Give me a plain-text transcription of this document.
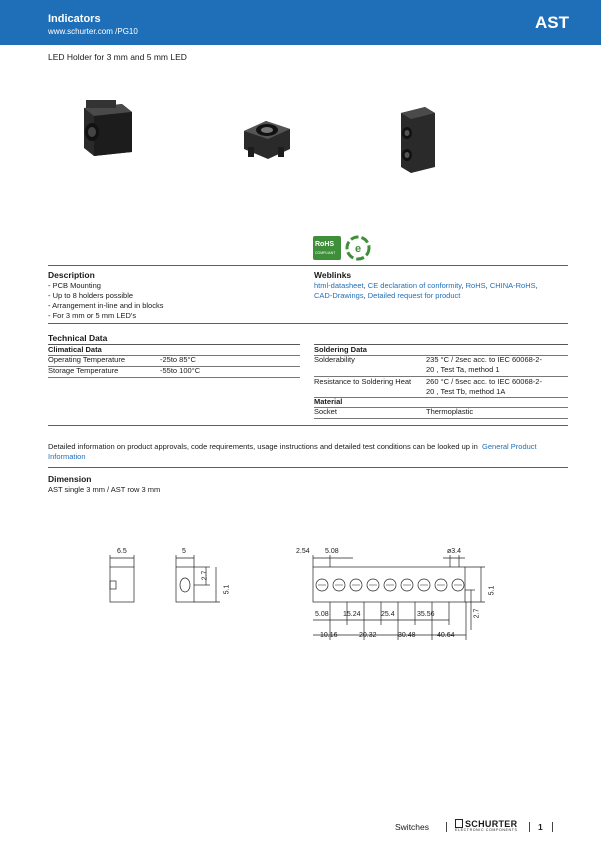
Indicators
www.schurter.com /PG10	AST
LED Holder for 3 mm and 5 mm LED
RoHS
COMPLIANT e
Description
- PCB Mounting
- Up to 8 holders possible
- Arrangement in-line and in blocks
- For 3 mm or 5 mm LED's
Weblinks
html-datasheet, CE declaration of conformity, RoHS, CHINA-RoHS,
CAD-Drawings, Detailed request for product
Technical Data
Climatical Data
Operating Temperature	-25to 85°C
Storage Temperature	-55to 100°C
Soldering Data
Solderability	235 °C / 2sec acc. to IEC 60068-2-
20 , Test Ta, method 1
Resistance to Soldering Heat 260 °C / 5sec acc. to IEC 60068-2-
20 , Test Tb, method 1A
Material
Socket	Thermoplastic
Detailed information on product approvals, code requirements, usage instructions and detailed test conditions can be looked up in General Product
Information
Dimension
AST single 3 mm / AST row 3 mm
6.5	5
2.7
5.1
2.54 5.08	ø3.4
5.1
2.7
5.08 15.24	25.4	35.56
10.16	20.32	30.48	40.64
Switches	SCHURTER
ELECTRONIC COMPONENTS 1
